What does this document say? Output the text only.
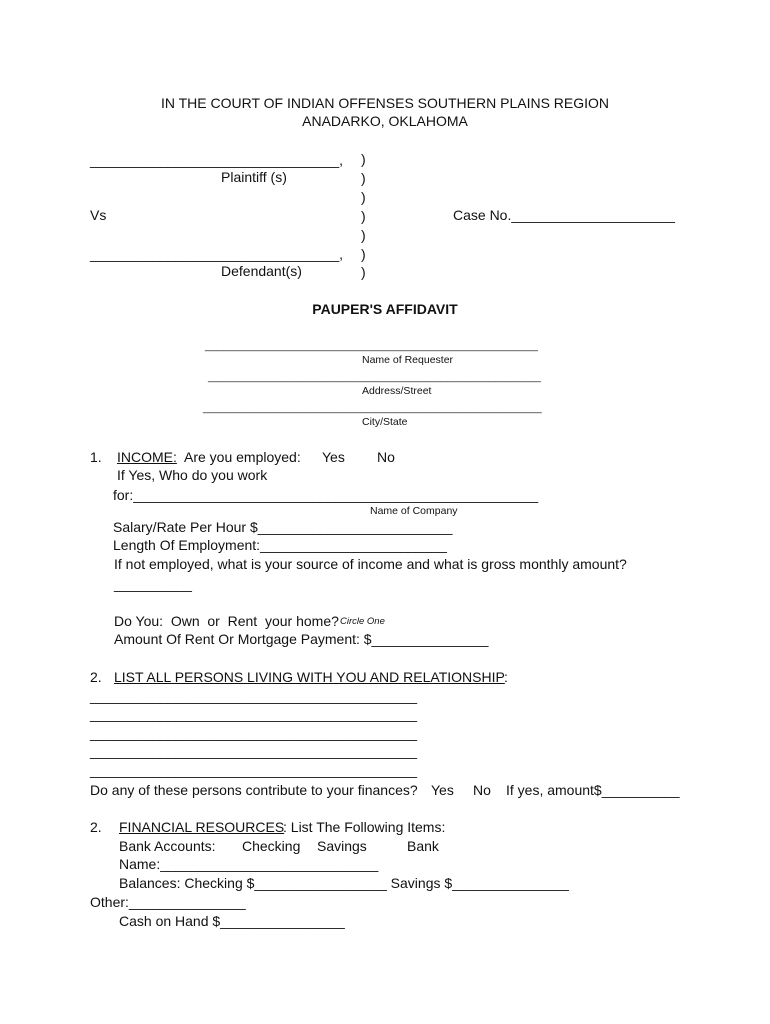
IN THE COURT OF INDIAN OFFENSES SOUTHERN PLAINS REGION
ANADARKO, OKLAHOMA
________________________________,
Plaintiff (s)
Vs
________________________________,
Defendant(s)
)
)
)
)
)
)
)
Case No._____________________
PAUPER'S AFFIDAVIT
_________________________________________________________
Name of Requester
_________________________________________________________
Address/Street
__________________________________________________________
City/State
1. INCOME: Are you employed: Yes No
If Yes, Who do you work
for:____________________________________________________
Name of Company
Salary/Rate Per Hour $_________________________
Length Of Employment:________________________
If not employed, what is your source of income and what is gross monthly amount?
__________
Do You:  Own  or  Rent  your home? Circle One
Amount Of Rent Or Mortgage Payment: $_______________
2. LIST ALL PERSONS LIVING WITH YOU AND RELATIONSHIP :
__________________________________________
__________________________________________
__________________________________________
__________________________________________
__________________________________________
Do any of these persons contribute to your finances? Yes No If yes, amount$__________
2. FINANCIAL RESOURCES
: List The Following Items:
Bank Accounts: Checking Savings	Bank
Name:____________________________
Balances: Checking $_________________ Savings $_______________
Other:_______________
Cash on Hand $________________
